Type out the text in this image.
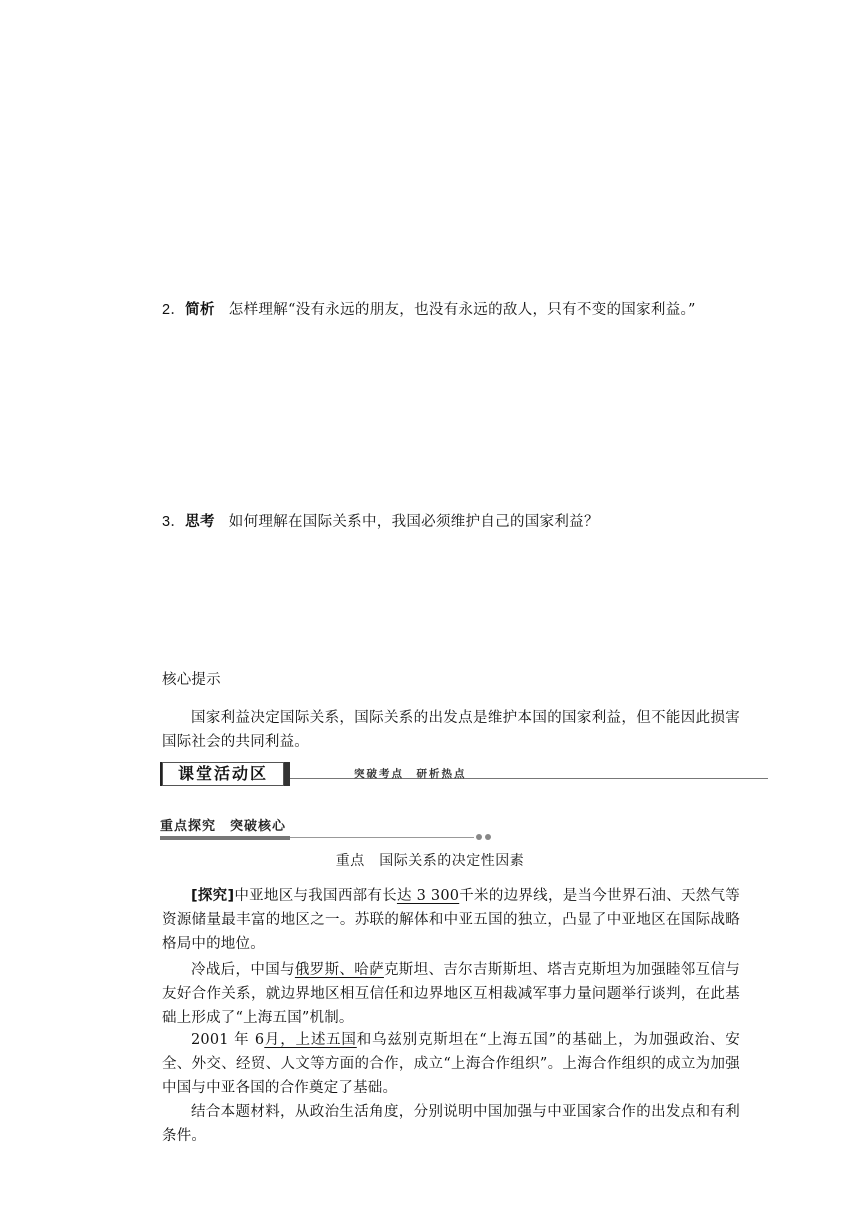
2．简析 怎样理解“没有永远的朋友，也没有永远的敌人，只有不变的国家利益。”
3．思考 如何理解在国际关系中，我国必须维护自己的国家利益？
核心提示
国家利益决定国际关系，国际关系的出发点是维护本国的国家利益，但不能因此损害国际社会的共同利益。
课堂活动区	突破考点　研析热点
重点探究　突破核心
重点　国际关系的决定性因素
[探究]中亚地区与我国西部有长达 3 300千米的边界线，是当今世界石油、天然气等资源储量最丰富的地区之一。苏联的解体和中亚五国的独立，凸显了中亚地区在国际战略格局中的地位。
冷战后，中国与俄罗斯、哈萨克斯坦、吉尔吉斯斯坦、塔吉克斯坦为加强睦邻互信与友好合作关系，就边界地区相互信任和边界地区互相裁减军事力量问题举行谈判，在此基础上形成了“上海五国”机制。
2001 年 6月，上述五国和乌兹别克斯坦在“上海五国”的基础上，为加强政治、安全、外交、经贸、人文等方面的合作，成立“上海合作组织”。上海合作组织的成立为加强中国与中亚各国的合作奠定了基础。
结合本题材料，从政治生活角度，分别说明中国加强与中亚国家合作的出发点和有利条件。
